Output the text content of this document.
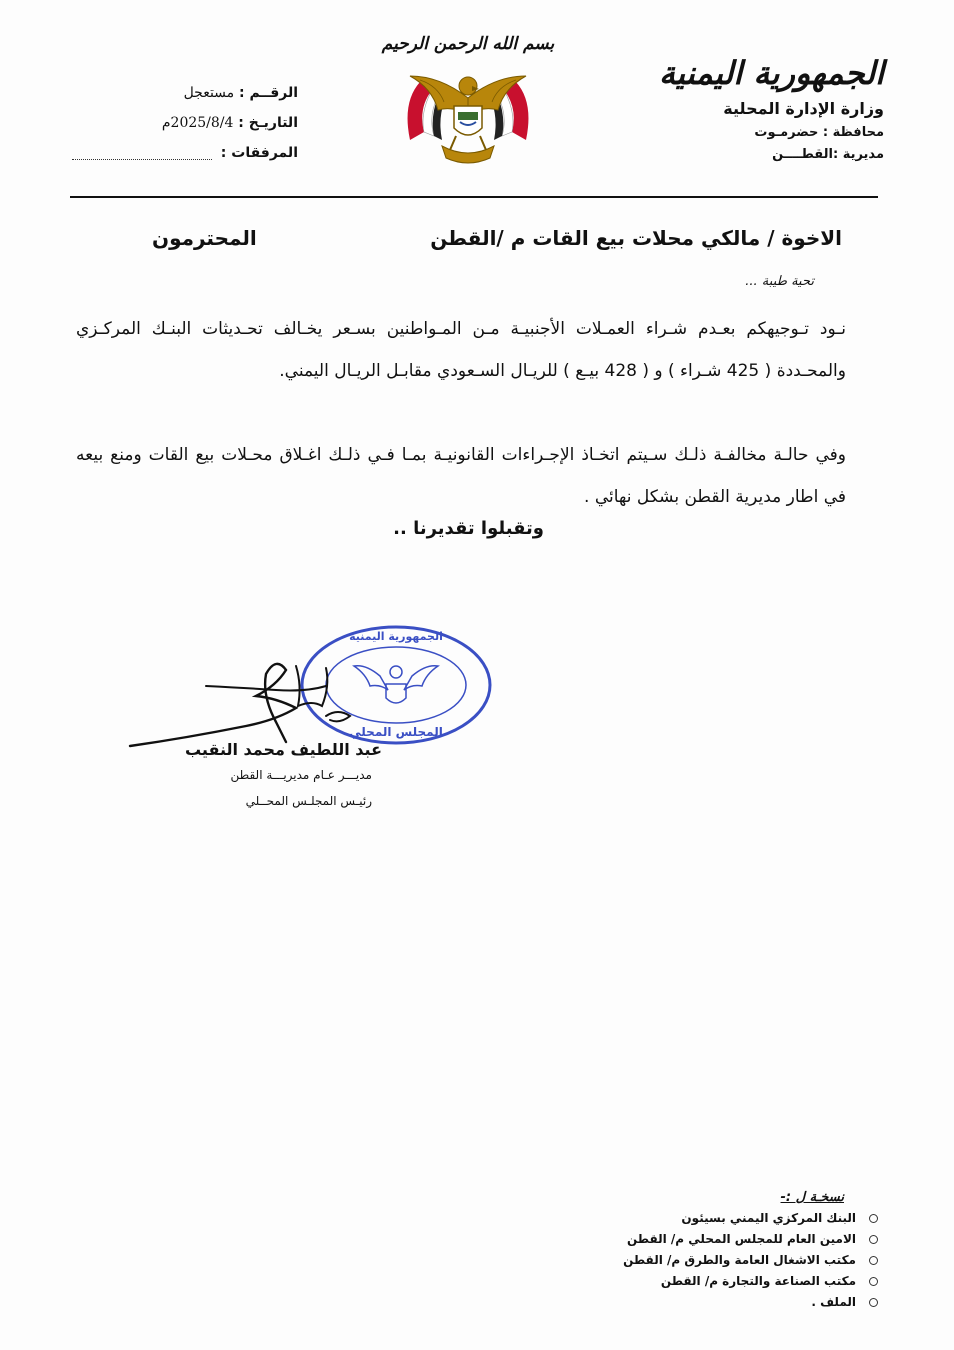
الجمهورية اليمنية
وزارة الإدارة المحلية
محافظة : حضرمـوت
مديرية :القطــــن
بسم الله الرحمن الرحيم
الرقــم : مستعجل
التاريـخ : 2025/8/4م
المرفقات :
الاخوة / مالكي محلات بيع القات م /القطن
المحترمون
تحية طيبة ...

نـود تـوجيهكم بعـدم شـراء العمـلات الأجنبيـة مـن المـواطنين بسـعر يخـالف تحـديثات البنـك المركـزي والمحـددة ( 425 شـراء ) و ( 428 بيـع ) للريـال السـعودي مقابـل الريـال اليمني.

وفي حالـة مخالفـة ذلـك سـيتم اتخـاذ الإجـراءات القانونيـة بمـا فـي ذلـك اغـلاق محـلات بيع القات ومنع بيعه في اطار مديرية القطن بشكل نهائي .

وتقبلوا تقديرنا ..
الجمهورية اليمنية
المجلس المحلي
عبد اللطيف محمد النقيب
مديـــر عـام مديريـــة القطن
رئيـس المجلـس المحــلي
نسخـة ل :-
البنك المركزي اليمني بسيئون
الامين العام للمجلس المحلي م/ القطن
مكتب الاشغال العامة والطرق م/ القطن
مكتب الصناعة والتجارة م/ القطن
الملف .
